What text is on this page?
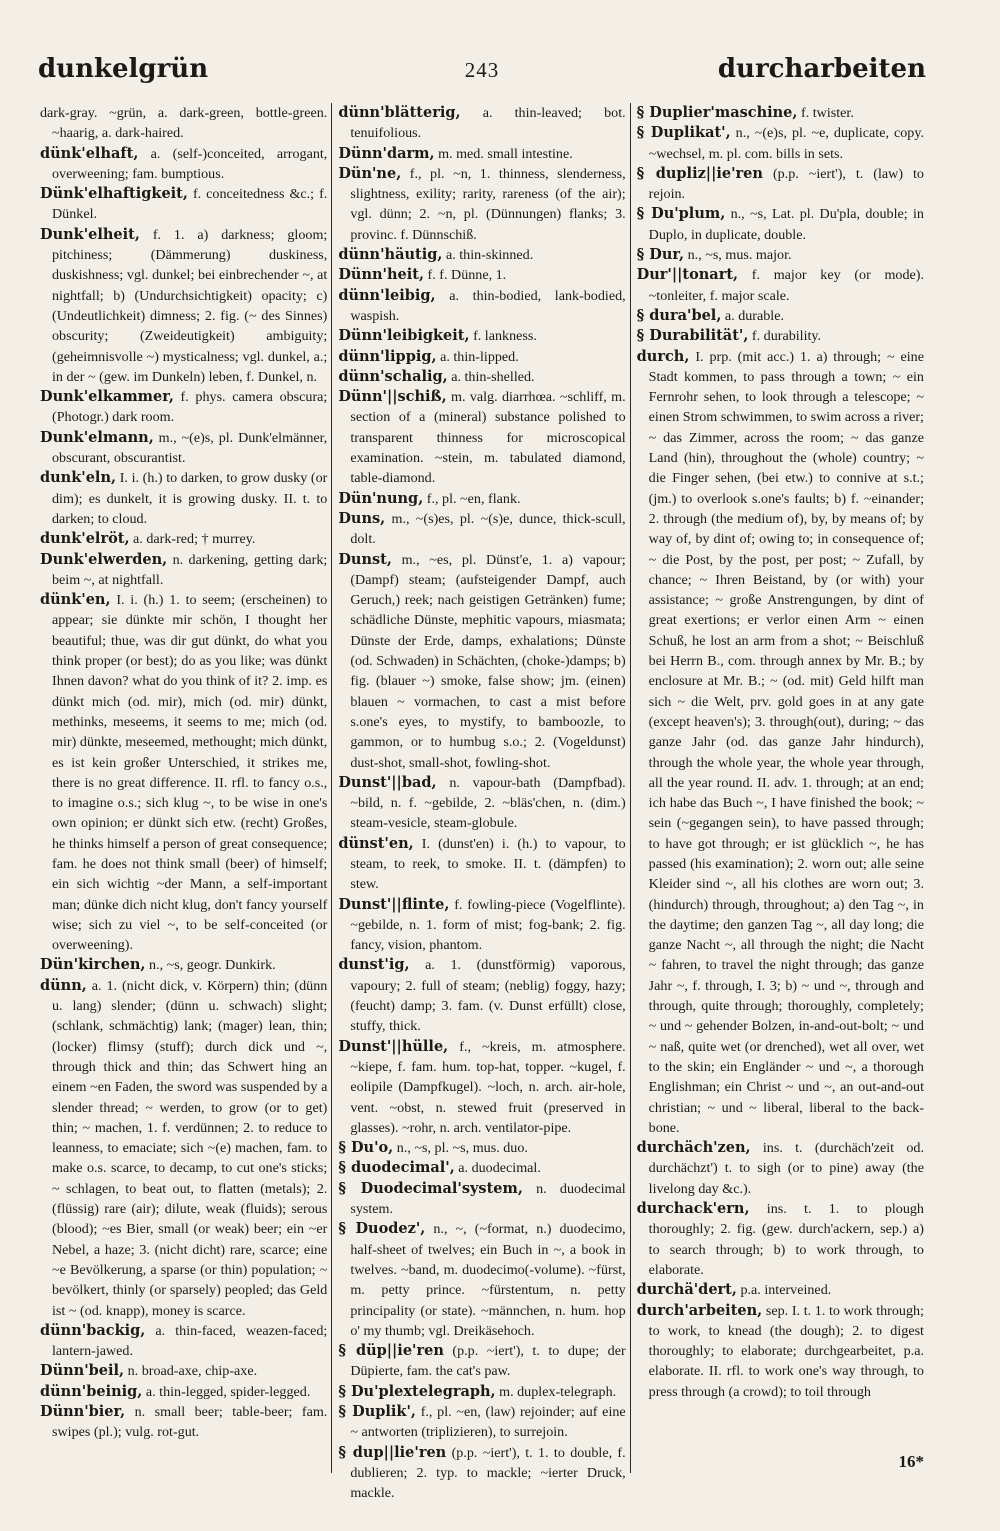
dunkelgrün	243	durcharbeiten

dark-gray. ~grün, a. dark-green, bottle-green. ~haarig, a. dark-haired.

dünk'elhaft, a. (self-)conceited, arrogant, overweening; fam. bumptious.

Dünk'elhaftigkeit, f. conceitedness &c.; f. Dünkel.

Dunk'elheit, f. 1. a) darkness; gloom; pitchiness; (Dämmerung) duskiness, duskishness; vgl. dunkel; bei einbrechender ~, at nightfall; b) (Undurchsichtigkeit) opacity; c) (Undeutlichkeit) dimness; 2. fig. (~ des Sinnes) obscurity; (Zweideutigkeit) ambiguity; (geheimnisvolle ~) mysticalness; vgl. dunkel, a.; in der ~ (gew. im Dunkeln) leben, f. Dunkel, n.

Dunk'elkammer, f. phys. camera obscura; (Photogr.) dark room.

Dunk'elmann, m., ~(e)s, pl. Dunk'elmänner, obscurant, obscurantist.

dunk'eln, I. i. (h.) to darken, to grow dusky (or dim); es dunkelt, it is growing dusky. II. t. to darken; to cloud.

dunk'elröt, a. dark-red; † murrey.

Dunk'elwerden, n. darkening, getting dark; beim ~, at nightfall.

dünk'en, I. i. (h.) 1. to seem; (erscheinen) to appear; sie dünkte mir schön, I thought her beautiful; thue, was dir gut dünkt, do what you think proper (or best); do as you like; was dünkt Ihnen davon? what do you think of it? 2. imp. es dünkt mich (od. mir), mich (od. mir) dünkt, methinks, meseems, it seems to me; mich (od. mir) dünkte, meseemed, methought; mich dünkt, es ist kein großer Unterschied, it strikes me, there is no great difference. II. rfl. to fancy o.s., to imagine o.s.; sich klug ~, to be wise in one's own opinion; er dünkt sich etw. (recht) Großes, he thinks himself a person of great consequence; fam. he does not think small (beer) of himself; ein sich wichtig ~der Mann, a self-important man; dünke dich nicht klug, don't fancy yourself wise; sich zu viel ~, to be self-conceited (or overweening).

Dün'kirchen, n., ~s, geogr. Dunkirk.

dünn, a. 1. (nicht dick, v. Körpern) thin; (dünn u. lang) slender; (dünn u. schwach) slight; (schlank, schmächtig) lank; (mager) lean, thin; (locker) flimsy (stuff); durch dick und ~, through thick and thin; das Schwert hing an einem ~en Faden, the sword was suspended by a slender thread; ~ werden, to grow (or to get) thin; ~ machen, 1. f. verdünnen; 2. to reduce to leanness, to emaciate; sich ~(e) machen, fam. to make o.s. scarce, to decamp, to cut one's sticks; ~ schlagen, to beat out, to flatten (metals); 2. (flüssig) rare (air); dilute, weak (fluids); serous (blood); ~es Bier, small (or weak) beer; ein ~er Nebel, a haze; 3. (nicht dicht) rare, scarce; eine ~e Bevölkerung, a sparse (or thin) population; ~ bevölkert, thinly (or sparsely) peopled; das Geld ist ~ (od. knapp), money is scarce.

dünn'backig, a. thin-faced, weazen-faced; lantern-jawed.

Dünn'beil, n. broad-axe, chip-axe.

dünn'beinig, a. thin-legged, spider-legged.

Dünn'bier, n. small beer; table-beer; fam. swipes (pl.); vulg. rot-gut.

dünn'blätterig, a. thin-leaved; bot. tenuifolious.

Dünn'darm, m. med. small intestine.

Dün'ne, f., pl. ~n, 1. thinness, slenderness, slightness, exility; rarity, rareness (of the air); vgl. dünn; 2. ~n, pl. (Dünnungen) flanks; 3. provinc. f. Dünnschiß.

dünn'häutig, a. thin-skinned.

Dünn'heit, f. f. Dünne, 1.

dünn'leibig, a. thin-bodied, lank-bodied, waspish.

Dünn'leibigkeit, f. lankness.

dünn'lippig, a. thin-lipped.

dünn'schalig, a. thin-shelled.

Dünn'||schiß, m. valg. diarrhœa. ~schliff, m. section of a (mineral) substance polished to transparent thinness for microscopical examination. ~stein, m. tabulated diamond, table-diamond.

Dün'nung, f., pl. ~en, flank.

Duns, m., ~(s)es, pl. ~(s)e, dunce, thick-scull, dolt.

Dunst, m., ~es, pl. Dünst'e, 1. a) vapour; (Dampf) steam; (aufsteigender Dampf, auch Geruch,) reek; nach geistigen Getränken) fume; schädliche Dünste, mephitic vapours, miasmata; Dünste der Erde, damps, exhalations; Dünste (od. Schwaden) in Schächten, (choke-)damps; b) fig. (blauer ~) smoke, false show; jm. (einen) blauen ~ vormachen, to cast a mist before s.one's eyes, to mystify, to bamboozle, to gammon, or to humbug s.o.; 2. (Vogeldunst) dust-shot, small-shot, fowling-shot.

Dunst'||bad, n. vapour-bath (Dampfbad). ~bild, n. f. ~gebilde, 2. ~bläs'chen, n. (dim.) steam-vesicle, steam-globule.

dünst'en, I. (dunst'en) i. (h.) to vapour, to steam, to reek, to smoke. II. t. (dämpfen) to stew.

Dunst'||flinte, f. fowling-piece (Vogelflinte). ~gebilde, n. 1. form of mist; fog-bank; 2. fig. fancy, vision, phantom.

dunst'ig, a. 1. (dunstförmig) vaporous, vapoury; 2. full of steam; (neblig) foggy, hazy; (feucht) damp; 3. fam. (v. Dunst erfüllt) close, stuffy, thick.

Dunst'||hülle, f., ~kreis, m. atmosphere. ~kiepe, f. fam. hum. top-hat, topper. ~kugel, f. eolipile (Dampfkugel). ~loch, n. arch. air-hole, vent. ~obst, n. stewed fruit (preserved in glasses). ~rohr, n. arch. ventilator-pipe.

§ Du'o, n., ~s, pl. ~s, mus. duo.

§ duodecimal', a. duodecimal.

§ Duodecimal'system, n. duodecimal system.

§ Duodez', n., ~, (~format, n.) duodecimo, half-sheet of twelves; ein Buch in ~, a book in twelves. ~band, m. duodecimo(-volume). ~fürst, m. petty prince. ~fürstentum, n. petty principality (or state). ~männchen, n. hum. hop o' my thumb; vgl. Dreikäsehoch.

§ düp||ie'ren (p.p. ~iert'), t. to dupe; der Düpierte, fam. the cat's paw.

§ Du'plextelegraph, m. duplex-telegraph.

§ Duplik', f., pl. ~en, (law) rejoinder; auf eine ~ antworten (triplizieren), to surrejoin.

§ dup||lie'ren (p.p. ~iert'), t. 1. to double, f. dublieren; 2. typ. to mackle; ~ierter Druck, mackle.

§ Duplier'maschine, f. twister.

§ Duplikat', n., ~(e)s, pl. ~e, duplicate, copy. ~wechsel, m. pl. com. bills in sets.

§ dupliz||ie'ren (p.p. ~iert'), t. (law) to rejoin.

§ Du'plum, n., ~s, Lat. pl. Du'pla, double; in Duplo, in duplicate, double.

§ Dur, n., ~s, mus. major.

Dur'||tonart, f. major key (or mode). ~tonleiter, f. major scale.

§ dura'bel, a. durable.

§ Durabilität', f. durability.

durch, I. prp. (mit acc.) 1. a) through; ~ eine Stadt kommen, to pass through a town; ~ ein Fernrohr sehen, to look through a telescope; ~ einen Strom schwimmen, to swim across a river; ~ das Zimmer, across the room; ~ das ganze Land (hin), throughout the (whole) country; ~ die Finger sehen, (bei etw.) to connive at s.t.; (jm.) to overlook s.one's faults; b) f. ~einander; 2. through (the medium of), by, by means of; by way of, by dint of; owing to; in consequence of; ~ die Post, by the post, per post; ~ Zufall, by chance; ~ Ihren Beistand, by (or with) your assistance; ~ große Anstrengungen, by dint of great exertions; er verlor einen Arm ~ einen Schuß, he lost an arm from a shot; ~ Beischluß bei Herrn B., com. through annex by Mr. B.; by enclosure at Mr. B.; ~ (od. mit) Geld hilft man sich ~ die Welt, prv. gold goes in at any gate (except heaven's); 3. through(out), during; ~ das ganze Jahr (od. das ganze Jahr hindurch), through the whole year, the whole year through, all the year round. II. adv. 1. through; at an end; ich habe das Buch ~, I have finished the book; ~ sein (~gegangen sein), to have passed through; to have got through; er ist glücklich ~, he has passed (his examination); 2. worn out; alle seine Kleider sind ~, all his clothes are worn out; 3. (hindurch) through, throughout; a) den Tag ~, in the daytime; den ganzen Tag ~, all day long; die ganze Nacht ~, all through the night; die Nacht ~ fahren, to travel the night through; das ganze Jahr ~, f. through, I. 3; b) ~ und ~, through and through, quite through; thoroughly, completely; ~ und ~ gehender Bolzen, in-and-out-bolt; ~ und ~ naß, quite wet (or drenched), wet all over, wet to the skin; ein Engländer ~ und ~, a thorough Englishman; ein Christ ~ und ~, an out-and-out christian; ~ und ~ liberal, liberal to the back-bone.

durchäch'zen, ins. t. (durchäch'zeit od. durchächzt') t. to sigh (or to pine) away (the livelong day &c.).

durchack'ern, ins. t. 1. to plough thoroughly; 2. fig. (gew. durch'ackern, sep.) a) to search through; b) to work through, to elaborate.

durchä'dert, p.a. interveined.

durch'arbeiten, sep. I. t. 1. to work through; to work, to knead (the dough); 2. to digest thoroughly; to elaborate; durchgearbeitet, p.a. elaborate. II. rfl. to work one's way through, to press through (a crowd); to toil through

16*
